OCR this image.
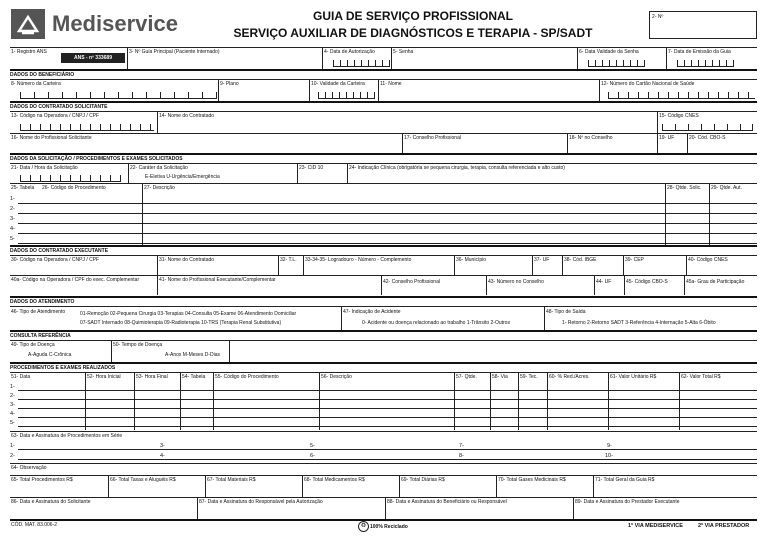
Mediservice	GUIA DE SERVIÇO PROFISSIONAL
SERVIÇO AUXILIAR DE DIAGNÓSTICOS E TERAPIA - SP/SADT
2- Nº
1- Registro ANS
ANS - nº 333689
3- Nº Guia Principal (Paciente Internado)	4- Data de Autorização	5- Senha	6- Data Validade da Senha	7- Data de Emissão da Guia
DADOS DO BENEFICIÁRIO
8- Número da Carteira	9- Plano	10- Validade da Carteira	11- Nome	12- Número do Cartão Nacional de Saúde
DADOS DO CONTRATADO SOLICITANTE
13- Código na Operadora / CNPJ / CPF	14- Nome do Contratado	15- Código CNES
16- Nome do Profissional Solicitante	17- Conselho Profissional	18- Nº no Conselho	19- UF	20- Cód. CBO-S
DADOS DA SOLICITAÇÃO / PROCEDIMENTOS E EXAMES SOLICITADOS
21- Data / Hora da Solicitação	22- Caráter da Solicitação
E-Eletiva U-Urgência/Emergência
23- CID 10	24- Indicação Clínica (obrigatória se pequena cirurgia, terapia, consulta referenciada e alto custo)
25- Tabela 26- Código do Procedimento	27- Descrição	28- Qtde. Solic. 29- Qtde. Aut.
1-
2-
3-
4-
5-
DADOS DO CONTRATADO EXECUTANTE
30- Código na Operadora / CNPJ / CPF	31- Nome do Contratado	32- T.L. 33-34-35- Logradouro - Número - Complemento	36- Município	37- UF	38- Cód. IBGE	39- CEP	40- Código CNES
40a- Código na Operadora / CPF do exec. Complementar	41- Nome do Profissional Executante/Complementar	42- Conselho Profissional	43- Número no Conselho	44- UF	45- Código CBO-S	45a- Grau de Participação
DADOS DO ATENDIMENTO
46- Tipo de Atendimento	01-Remoção 02-Pequena Cirurgia 03-Terapias 04-Consulta 05-Exame 06-Atendimento Domiciliar
07-SADT Internado 08-Quimioterapia 09-Radioterapia 10-TRS (Terapia Renal Substitutiva)
47- Indicação de Acidente
0- Acidente ou doença relacionado ao trabalho 1-Trânsito 2-Outros
48- Tipo de Saída
1- Retorno 2-Retorno SADT 3-Referência 4-Internação 5-Alta 6-Óbito
CONSULTA REFERÊNCIA
49- Tipo de Doença
A-Aguda C-Crônica
50- Tempo de Doença
A-Anos M-Meses D-Dias
PROCEDIMENTOS E EXAMES REALIZADOS
51- Data	52- Hora Inicial	53- Hora Final	54- Tabela 55- Código do Procedimento	56- Descrição	57- Qtde.	58- Via 59- Tec. 60- % Red./Acres.	61- Valor Unitário R$	62- Valor Total R$
1-
2-
3-
4-
5-
63- Data e Assinatura de Procedimentos em Série
1-
2-
3-
4-
5-
6-
7-
8-
9-
10-
64- Observação
65- Total Procedimentos R$	66- Total Taxas e Aluguéis R$	67- Total Materiais R$	68- Total Medicamentos R$	69- Total Diárias R$	70- Total Gases Medicinais R$	71- Total Geral da Guia R$
86- Data e Assinatura do Solicitante	87- Data e Assinatura do Responsável pela Autorização	88- Data e Assinatura do Beneficiário ou Responsável	89- Data e Assinatura do Prestador Executante
CÓD. MAT. 83.006-2	♻ 100% Reciclado	1ª VIA MEDISERVICE	2ª VIA PRESTADOR
